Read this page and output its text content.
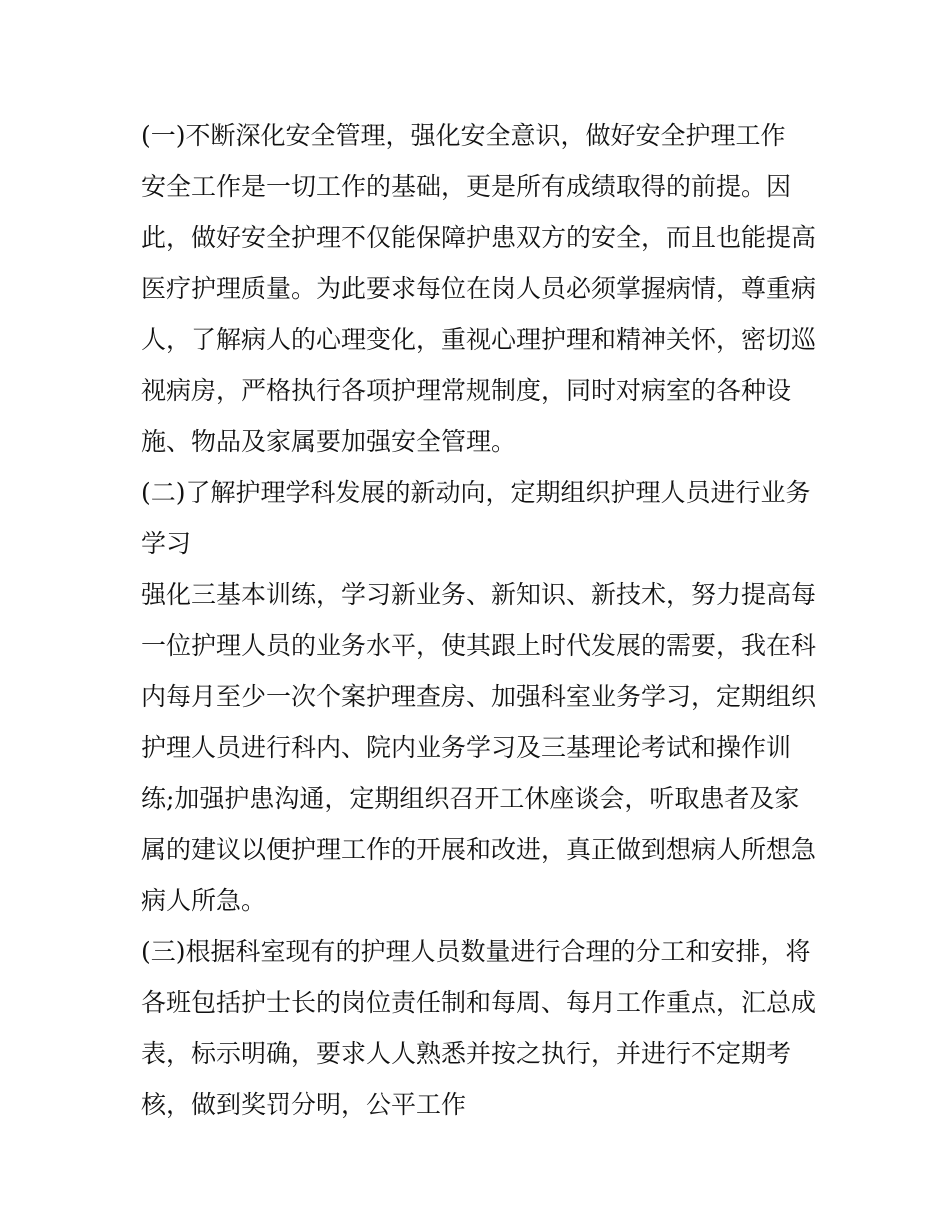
(一)不断深化安全管理，强化安全意识，做好安全护理工作
安全工作是一切工作的基础，更是所有成绩取得的前提。因
此，做好安全护理不仅能保障护患双方的安全，而且也能提高
医疗护理质量。为此要求每位在岗人员必须掌握病情，尊重病
人，了解病人的心理变化，重视心理护理和精神关怀，密切巡
视病房，严格执行各项护理常规制度，同时对病室的各种设
施、物品及家属要加强安全管理。
(二)了解护理学科发展的新动向，定期组织护理人员进行业务
学习
强化三基本训练，学习新业务、新知识、新技术，努力提高每
一位护理人员的业务水平，使其跟上时代发展的需要，我在科
内每月至少一次个案护理查房、加强科室业务学习，定期组织
护理人员进行科内、院内业务学习及三基理论考试和操作训
练;加强护患沟通，定期组织召开工休座谈会，听取患者及家
属的建议以便护理工作的开展和改进，真正做到想病人所想急
病人所急。
(三)根据科室现有的护理人员数量进行合理的分工和安排，将
各班包括护士长的岗位责任制和每周、每月工作重点，汇总成
表，标示明确，要求人人熟悉并按之执行，并进行不定期考
核，做到奖罚分明，公平工作
